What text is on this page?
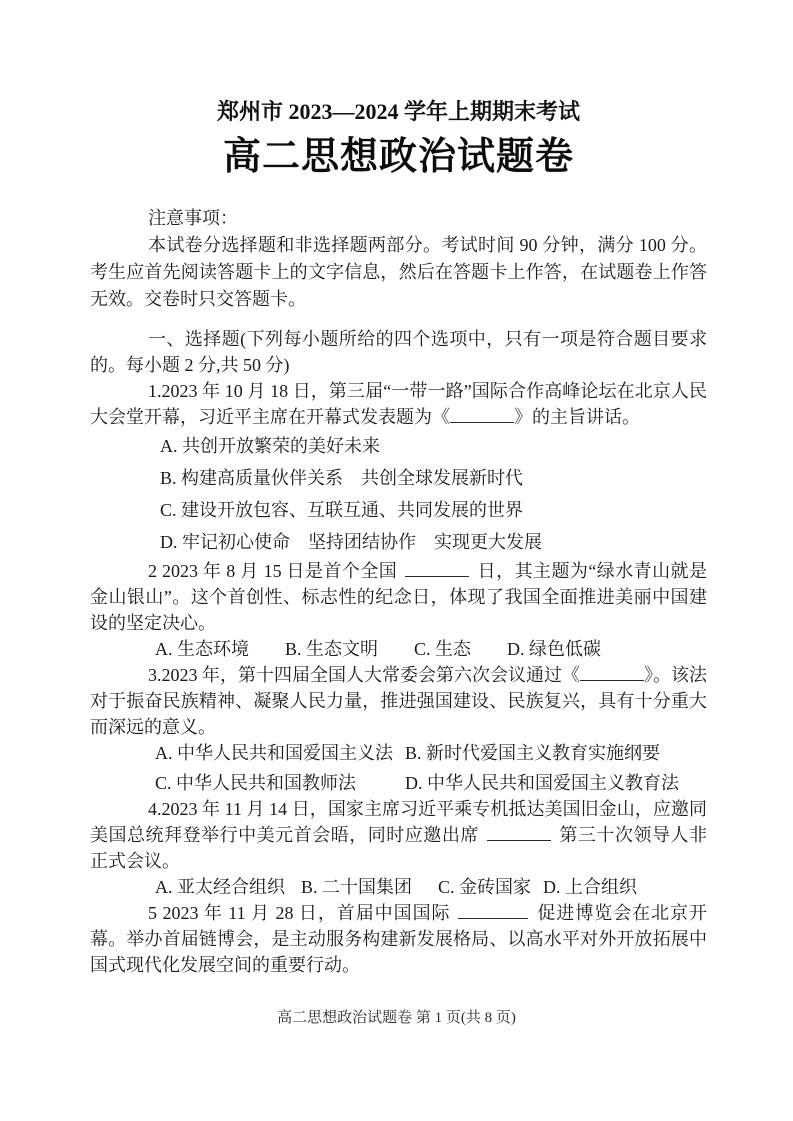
郑州市 2023—2024 学年上期期末考试
高二思想政治试题卷

注意事项：

本试卷分选择题和非选择题两部分。考试时间 90 分钟，满分 100 分。考生应首先阅读答题卡上的文字信息，然后在答题卡上作答，在试题卷上作答无效。交卷时只交答题卡。

一、选择题(下列每小题所给的四个选项中，只有一项是符合题目要求的。每小题 2 分,共 50 分)

1.2023 年 10 月 18 日，第三届“一带一路”国际合作高峰论坛在北京人民大会堂开幕，习近平主席在开幕式发表题为《	》的主旨讲话。

A. 共创开放繁荣的美好未来

B. 构建高质量伙伴关系　共创全球发展新时代

C. 建设开放包容、互联互通、共同发展的世界

D. 牢记初心使命　坚持团结协作　实现更大发展

2 2023 年 8 月 15 日是首个全国	日，其主题为“绿水青山就是金山银山”。这个首创性、标志性的纪念日，体现了我国全面推进美丽中国建设的坚定决心。

A. 生态环境 B. 生态文明 C. 生态 D. 绿色低碳

3.2023 年，第十四届全国人大常委会第六次会议通过《	》。该法对于振奋民族精神、凝聚人民力量，推进强国建设、民族复兴，具有十分重大而深远的意义。

A. 中华人民共和国爱国主义法 B. 新时代爱国主义教育实施纲要
C. 中华人民共和国教师法	D. 中华人民共和国爱国主义教育法

4.2023 年 11 月 14 日，国家主席习近平乘专机抵达美国旧金山，应邀同美国总统拜登举行中美元首会晤，同时应邀出席	第三十次领导人非正式会议。

A. 亚太经合组织 B. 二十国集团 C. 金砖国家 D. 上合组织

5 2023 年 11 月 28 日，首届中国国际	促进博览会在北京开幕。举办首届链博会，是主动服务构建新发展格局、以高水平对外开放拓展中国式现代化发展空间的重要行动。

高二思想政治试题卷 第 1 页(共 8 页)
